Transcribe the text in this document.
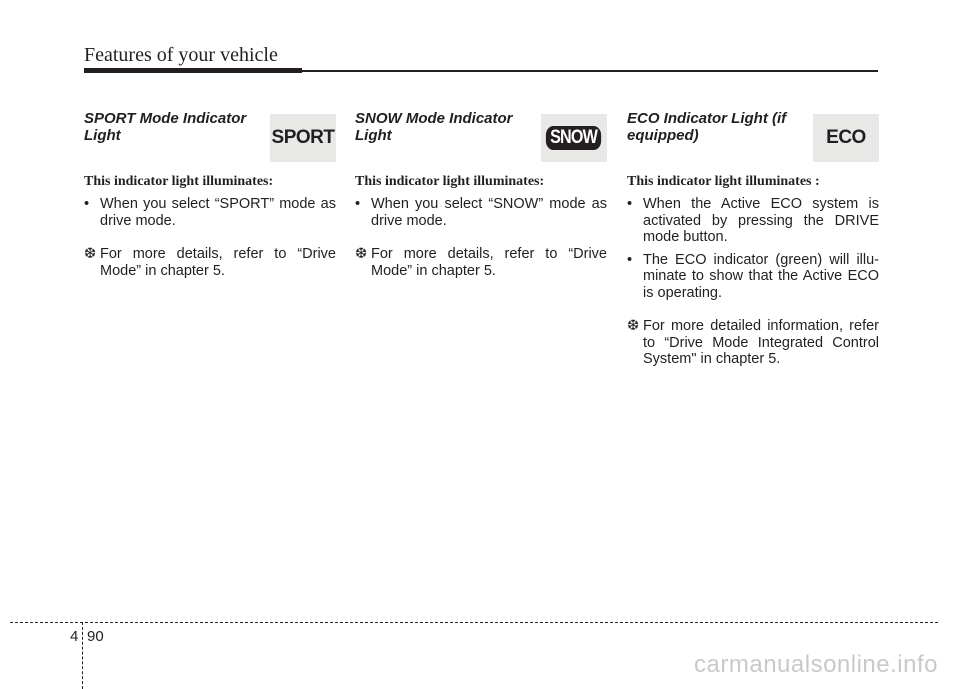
Features of your vehicle

SPORT Mode Indicator Light	SPORT
This indicator light illuminates:

• When you select “SPORT” mode as drive mode.

❆ For more details, refer to “Drive Mode” in chapter 5.

SNOW Mode Indicator Light	SNOW
This indicator light illuminates:

• When you select “SNOW” mode as drive mode.

❆ For more details, refer to “Drive Mode” in chapter 5.

ECO Indicator Light (if equipped)	ECO
This indicator light illuminates :

• When the Active ECO system is activated by pressing the DRIVE mode button.

• The ECO indicator (green) will illu- minate to show that the Active ECO is operating.

❆ For more detailed information, refer to “Drive Mode Integrated Control System" in chapter 5.

4 90
carmanualsonline.info
